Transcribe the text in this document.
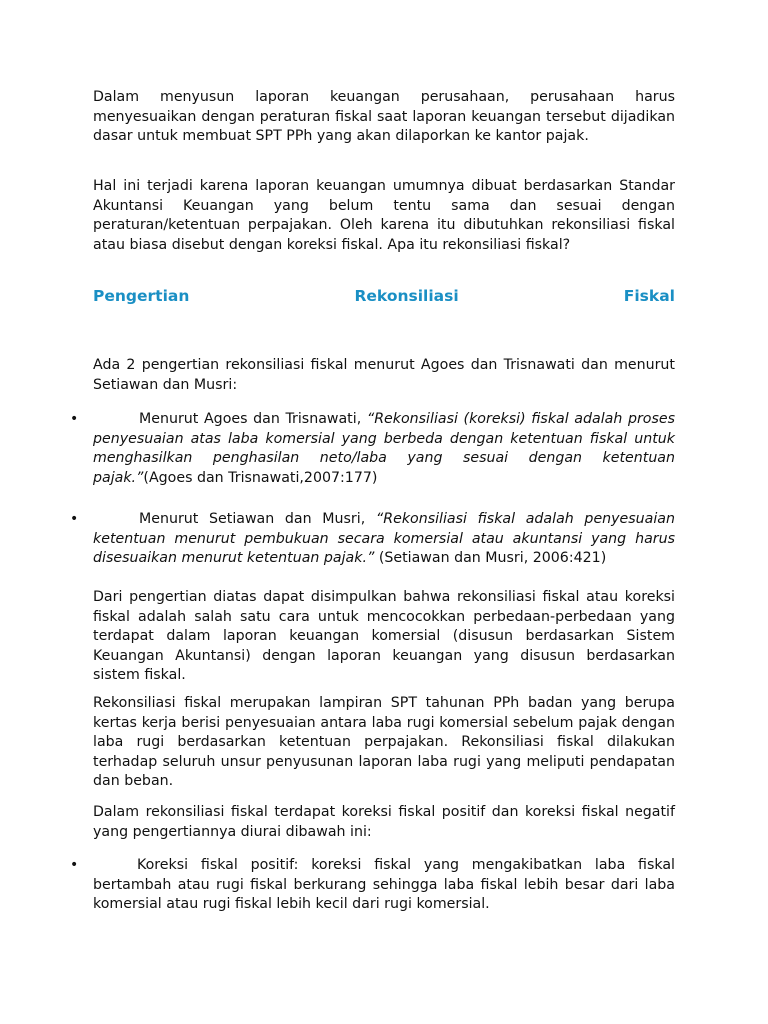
Dalam menyusun laporan keuangan perusahaan, perusahaan harus menyesuaikan dengan peraturan fiskal saat laporan keuangan tersebut dijadikan dasar untuk membuat SPT PPh yang akan dilaporkan ke kantor pajak.

Hal ini terjadi karena laporan keuangan umumnya dibuat berdasarkan Standar Akuntansi Keuangan yang belum tentu sama dan sesuai dengan peraturan/ketentuan perpajakan. Oleh karena itu dibutuhkan rekonsiliasi fiskal atau biasa disebut dengan koreksi fiskal. Apa itu rekonsiliasi fiskal?

Pengertian	Rekonsiliasi	Fiskal

Ada 2 pengertian rekonsiliasi fiskal menurut Agoes dan Trisnawati dan menurut Setiawan dan Musri:

•	Menurut Agoes dan Trisnawati, “Rekonsiliasi (koreksi) fiskal adalah proses penyesuaian atas laba komersial yang berbeda dengan ketentuan fiskal untuk menghasilkan penghasilan neto/laba yang sesuai dengan ketentuan pajak.”(Agoes dan Trisnawati,2007:177)

•	Menurut Setiawan dan Musri, “Rekonsiliasi fiskal adalah penyesuaian ketentuan menurut pembukuan secara komersial atau akuntansi yang harus disesuaikan menurut ketentuan pajak.” (Setiawan dan Musri, 2006:421)

Dari pengertian diatas dapat disimpulkan bahwa rekonsiliasi fiskal atau koreksi fiskal adalah salah satu cara untuk mencocokkan perbedaan-perbedaan yang terdapat dalam laporan keuangan komersial (disusun berdasarkan Sistem Keuangan Akuntansi) dengan laporan keuangan yang disusun berdasarkan sistem fiskal.

Rekonsiliasi fiskal merupakan lampiran SPT tahunan PPh badan yang berupa kertas kerja berisi penyesuaian antara laba rugi komersial sebelum pajak dengan laba rugi berdasarkan ketentuan perpajakan. Rekonsiliasi fiskal dilakukan terhadap seluruh unsur penyusunan laporan laba rugi yang meliputi pendapatan dan beban.

Dalam rekonsiliasi fiskal terdapat koreksi fiskal positif dan koreksi fiskal negatif yang pengertiannya diurai dibawah ini:

•	Koreksi fiskal positif: koreksi fiskal yang mengakibatkan laba fiskal bertambah atau rugi fiskal berkurang sehingga laba fiskal lebih besar dari laba komersial atau rugi fiskal lebih kecil dari rugi komersial.
